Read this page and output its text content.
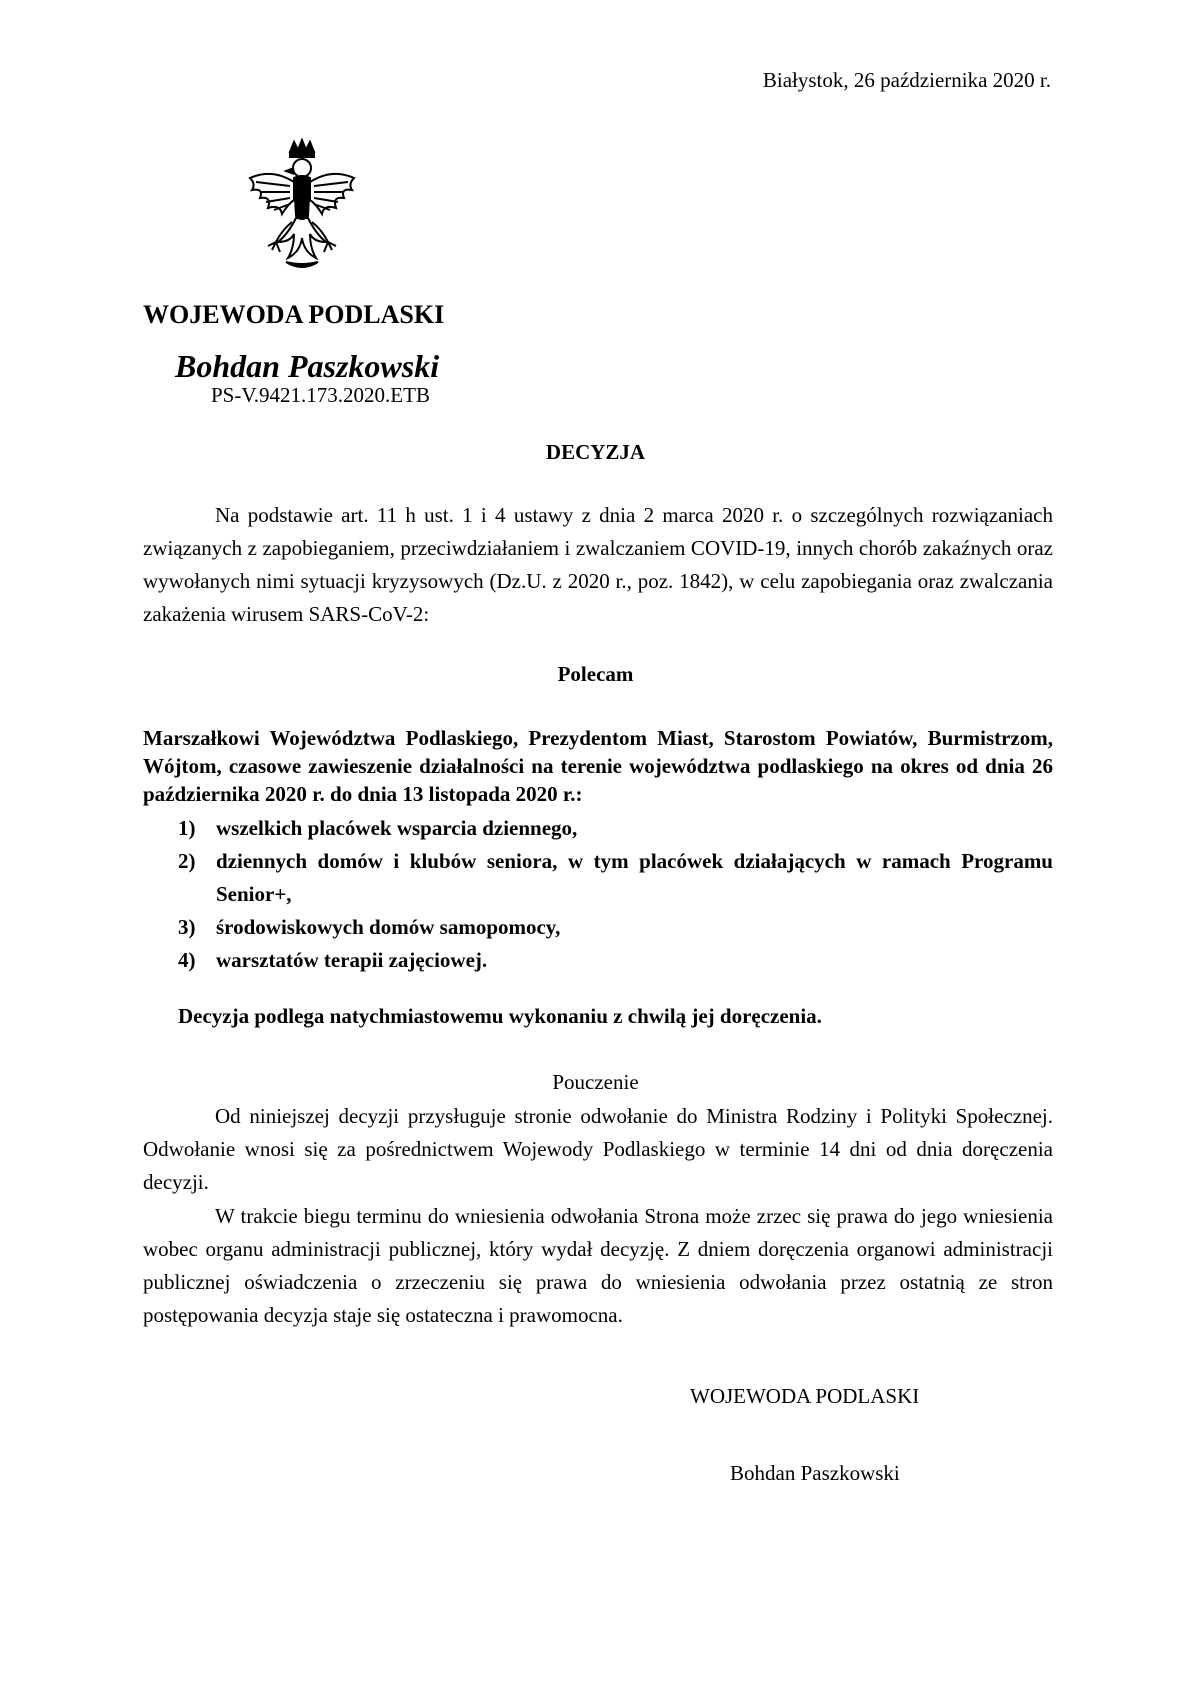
Białystok, 26 października 2020 r.
WOJEWODA PODLASKI
Bohdan Paszkowski
PS-V.9421.173.2020.ETB
DECYZJA
Na podstawie art. 11 h ust. 1 i 4 ustawy z dnia 2 marca 2020 r. o szczególnych rozwiązaniach związanych z zapobieganiem, przeciwdziałaniem i zwalczaniem COVID-19, innych chorób zakaźnych oraz wywołanych nimi sytuacji kryzysowych (Dz.U. z 2020 r., poz. 1842), w celu zapobiegania oraz zwalczania zakażenia wirusem SARS-CoV-2:
Polecam
Marszałkowi Województwa Podlaskiego, Prezydentom Miast, Starostom Powiatów, Burmistrzom, Wójtom, czasowe zawieszenie działalności na terenie województwa podlaskiego na okres od dnia 26 października 2020 r. do dnia 13 listopada 2020 r.:
1) wszelkich placówek wsparcia dziennego,
2) dziennych domów i klubów seniora, w tym placówek działających w ramach Programu Senior+,
3) środowiskowych domów samopomocy,
4) warsztatów terapii zajęciowej.
Decyzja podlega natychmiastowemu wykonaniu z chwilą jej doręczenia.
Pouczenie
Od niniejszej decyzji przysługuje stronie odwołanie do Ministra Rodziny i Polityki Społecznej. Odwołanie wnosi się za pośrednictwem Wojewody Podlaskiego w terminie 14 dni od dnia doręczenia decyzji.
W trakcie biegu terminu do wniesienia odwołania Strona może zrzec się prawa do jego wniesienia wobec organu administracji publicznej, który wydał decyzję. Z dniem doręczenia organowi administracji publicznej oświadczenia o zrzeczeniu się prawa do wniesienia odwołania przez ostatnią ze stron postępowania decyzja staje się ostateczna i prawomocna.
WOJEWODA PODLASKI
Bohdan Paszkowski
